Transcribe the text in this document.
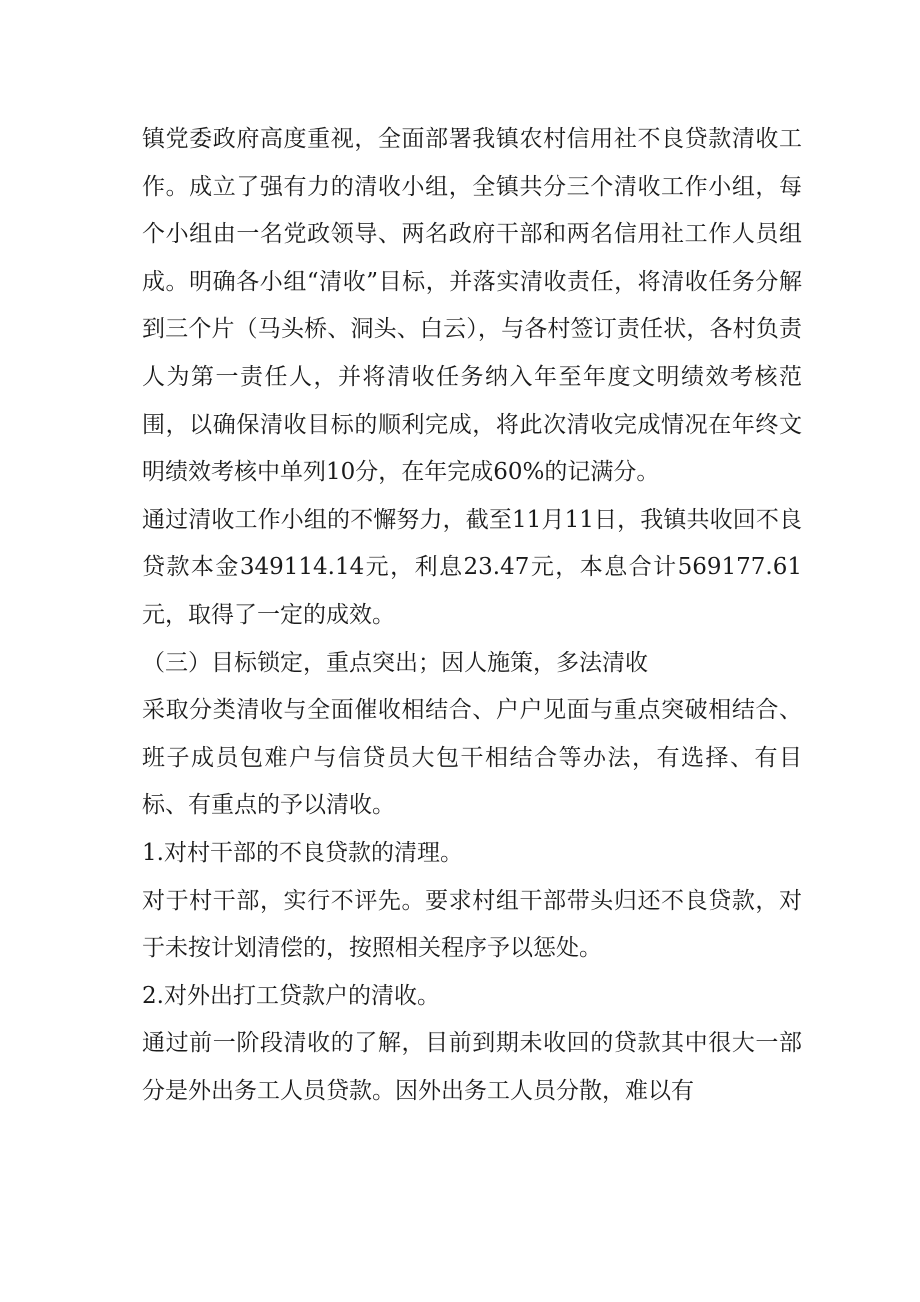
镇党委政府高度重视，全面部署我镇农村信用社不良贷款清收工作。成立了强有力的清收小组，全镇共分三个清收工作小组，每个小组由一名党政领导、两名政府干部和两名信用社工作人员组成。明确各小组“清收”目标，并落实清收责任，将清收任务分解到三个片（马头桥、洞头、白云），与各村签订责任状，各村负责人为第一责任人，并将清收任务纳入年至年度文明绩效考核范围，以确保清收目标的顺利完成，将此次清收完成情况在年终文明绩效考核中单列10分，在年完成60%的记满分。

通过清收工作小组的不懈努力，截至11月11日，我镇共收回不良贷款本金349114.14元，利息23.47元，本息合计569177.61元，取得了一定的成效。

（三）目标锁定，重点突出；因人施策，多法清收

采取分类清收与全面催收相结合、户户见面与重点突破相结合、班子成员包难户与信贷员大包干相结合等办法，有选择、有目标、有重点的予以清收。

1.对村干部的不良贷款的清理。

对于村干部，实行不评先。要求村组干部带头归还不良贷款，对于未按计划清偿的，按照相关程序予以惩处。

2.对外出打工贷款户的清收。

通过前一阶段清收的了解，目前到期未收回的贷款其中很大一部分是外出务工人员贷款。因外出务工人员分散，难以有
